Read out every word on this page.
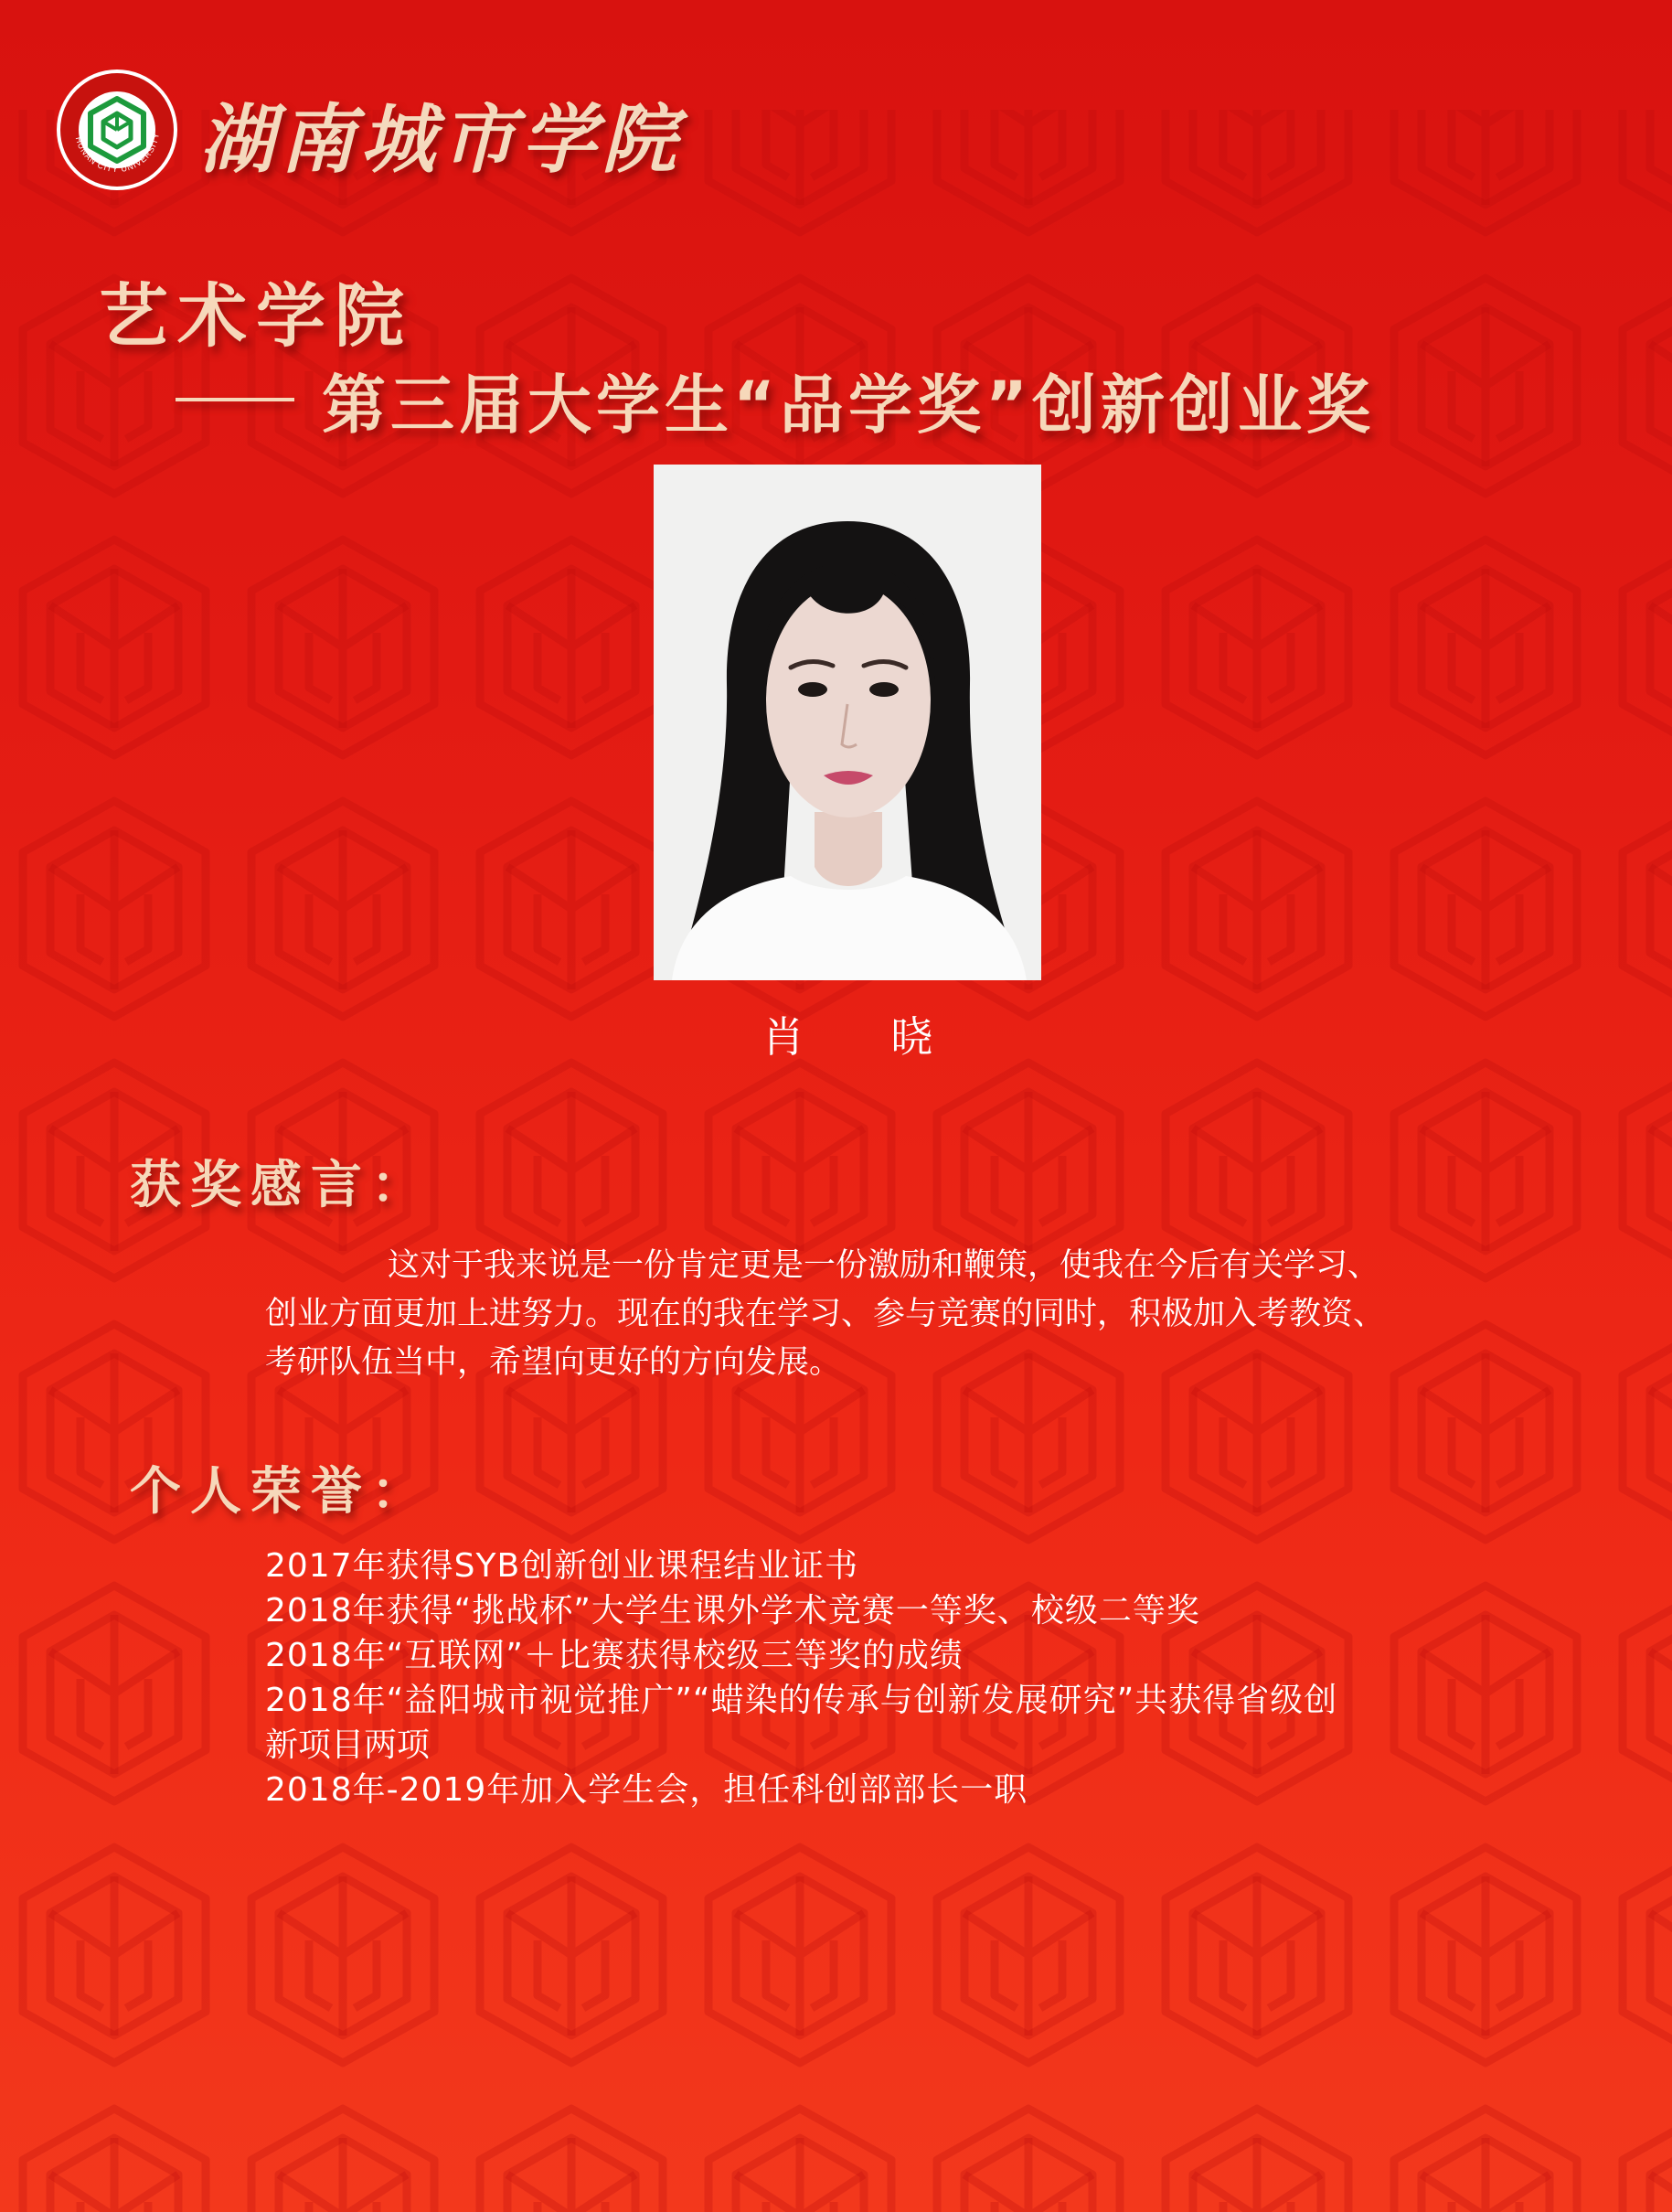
HUNAN CITY UNIVERSITY 湖南城市学院
艺术学院
第三届大学生“品学奖”创新创业奖
肖 晓
获奖感言：
这对于我来说是一份肯定更是一份激励和鞭策，使我在今后有关学习、
创业方面更加上进努力。现在的我在学习、参与竞赛的同时，积极加入考教资、
考研队伍当中，希望向更好的方向发展。
个人荣誉：
2017年获得SYB创新创业课程结业证书
2018年获得“挑战杯”大学生课外学术竞赛一等奖、校级二等奖
2018年“互联网”＋比赛获得校级三等奖的成绩
2018年“益阳城市视觉推广”“蜡染的传承与创新发展研究”共获得省级创
新项目两项
2018年-2019年加入学生会，担任科创部部长一职
